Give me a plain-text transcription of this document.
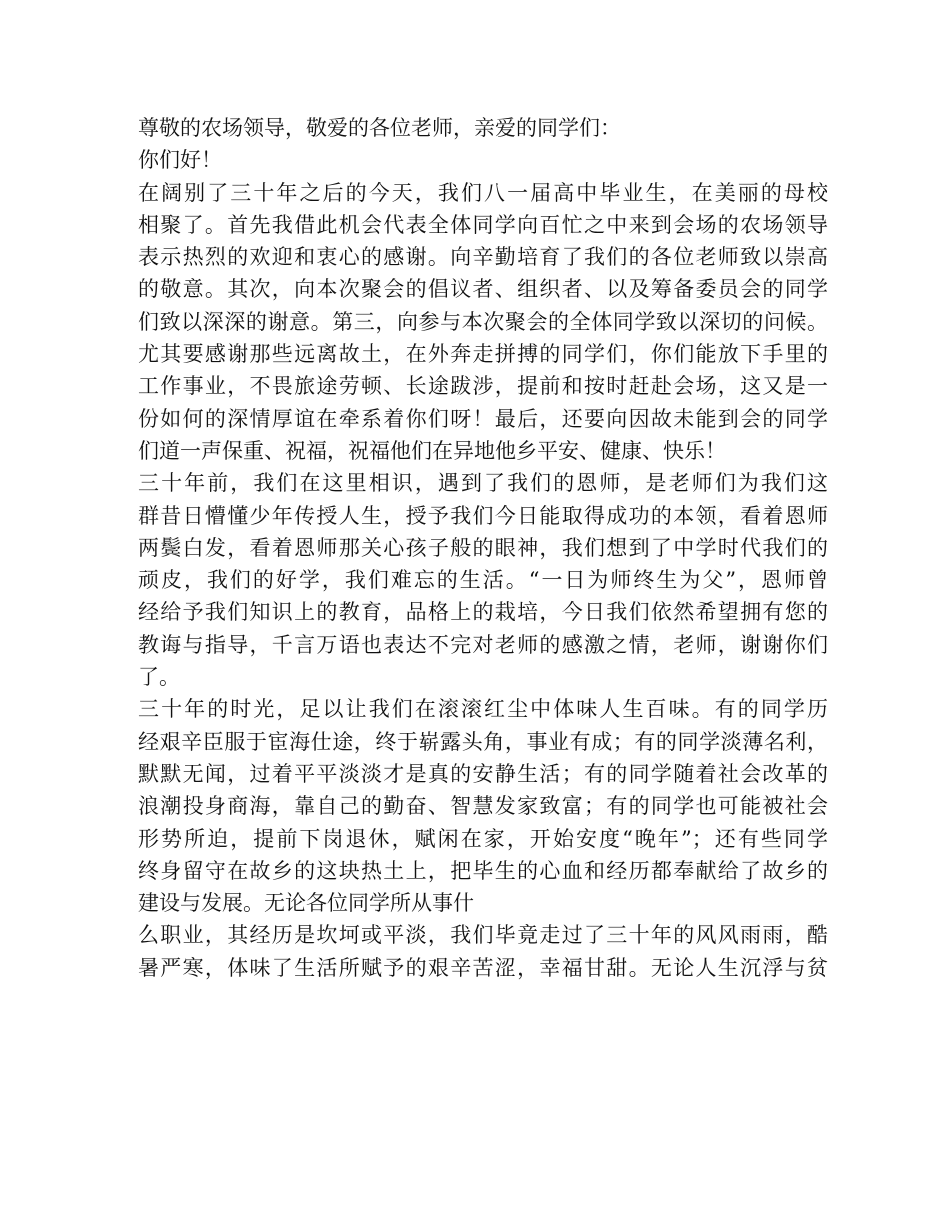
尊敬的农场领导，敬爱的各位老师，亲爱的同学们：
你们好！
在阔别了三十年之后的今天，我们八一届高中毕业生，在美丽的母校
相聚了。首先我借此机会代表全体同学向百忙之中来到会场的农场领导
表示热烈的欢迎和衷心的感谢。向辛勤培育了我们的各位老师致以崇高
的敬意。其次，向本次聚会的倡议者、组织者、以及筹备委员会的同学
们致以深深的谢意。第三，向参与本次聚会的全体同学致以深切的问候。
尤其要感谢那些远离故土，在外奔走拼搏的同学们，你们能放下手里的
工作事业，不畏旅途劳顿、长途跋涉，提前和按时赶赴会场，这又是一
份如何的深情厚谊在牵系着你们呀！最后，还要向因故未能到会的同学
们道一声保重、祝福，祝福他们在异地他乡平安、健康、快乐！
三十年前，我们在这里相识，遇到了我们的恩师，是老师们为我们这
群昔日懵懂少年传授人生，授予我们今日能取得成功的本领，看着恩师
两鬓白发，看着恩师那关心孩子般的眼神，我们想到了中学时代我们的
顽皮，我们的好学，我们难忘的生活。“一日为师终生为父”，恩师曾
经给予我们知识上的教育，品格上的栽培，今日我们依然希望拥有您的
教诲与指导，千言万语也表达不完对老师的感激之情，老师，谢谢你们
了。
三十年的时光，足以让我们在滚滚红尘中体味人生百味。有的同学历
经艰辛臣服于宦海仕途，终于崭露头角，事业有成；有的同学淡薄名利，
默默无闻，过着平平淡淡才是真的安静生活；有的同学随着社会改革的
浪潮投身商海，靠自己的勤奋、智慧发家致富；有的同学也可能被社会
形势所迫，提前下岗退休，赋闲在家，开始安度“晚年”；还有些同学
终身留守在故乡的这块热土上，把毕生的心血和经历都奉献给了故乡的
建设与发展。无论各位同学所从事什
么职业，其经历是坎坷或平淡，我们毕竟走过了三十年的风风雨雨，酷
暑严寒，体味了生活所赋予的艰辛苦涩，幸福甘甜。无论人生沉浮与贫
